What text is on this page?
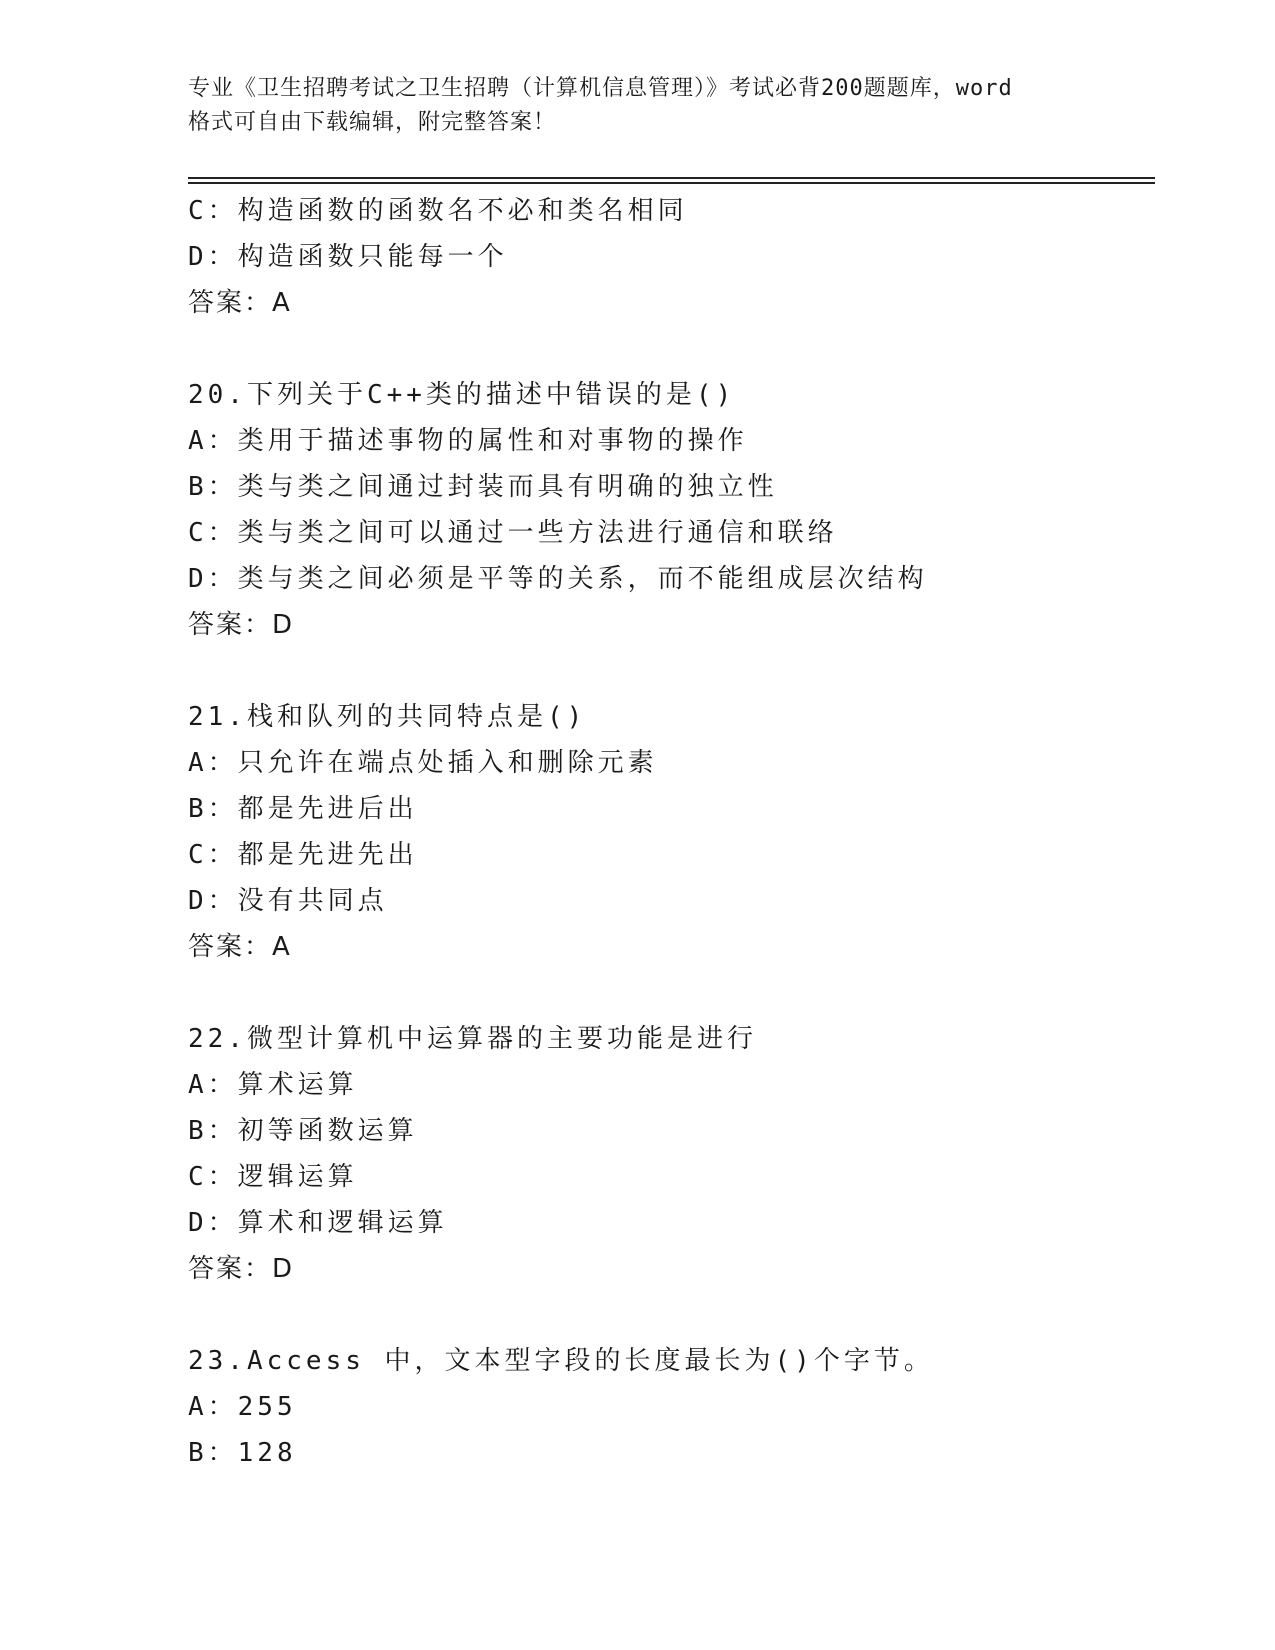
专业《卫生招聘考试之卫生招聘（计算机信息管理）》考试必背200题题库，word
格式可自由下载编辑，附完整答案！
C：构造函数的函数名不必和类名相同
D：构造函数只能每一个
答案：A
20.下列关于C++类的描述中错误的是()
A：类用于描述事物的属性和对事物的操作
B：类与类之间通过封装而具有明确的独立性
C：类与类之间可以通过一些方法进行通信和联络
D：类与类之间必须是平等的关系，而不能组成层次结构
答案：D
21.栈和队列的共同特点是()
A：只允许在端点处插入和删除元素
B：都是先进后出
C：都是先进先出
D：没有共同点
答案：A
22.微型计算机中运算器的主要功能是进行
A：算术运算
B：初等函数运算
C：逻辑运算
D：算术和逻辑运算
答案：D
23.Access 中，文本型字段的长度最长为()个字节。
A：255
B：128
